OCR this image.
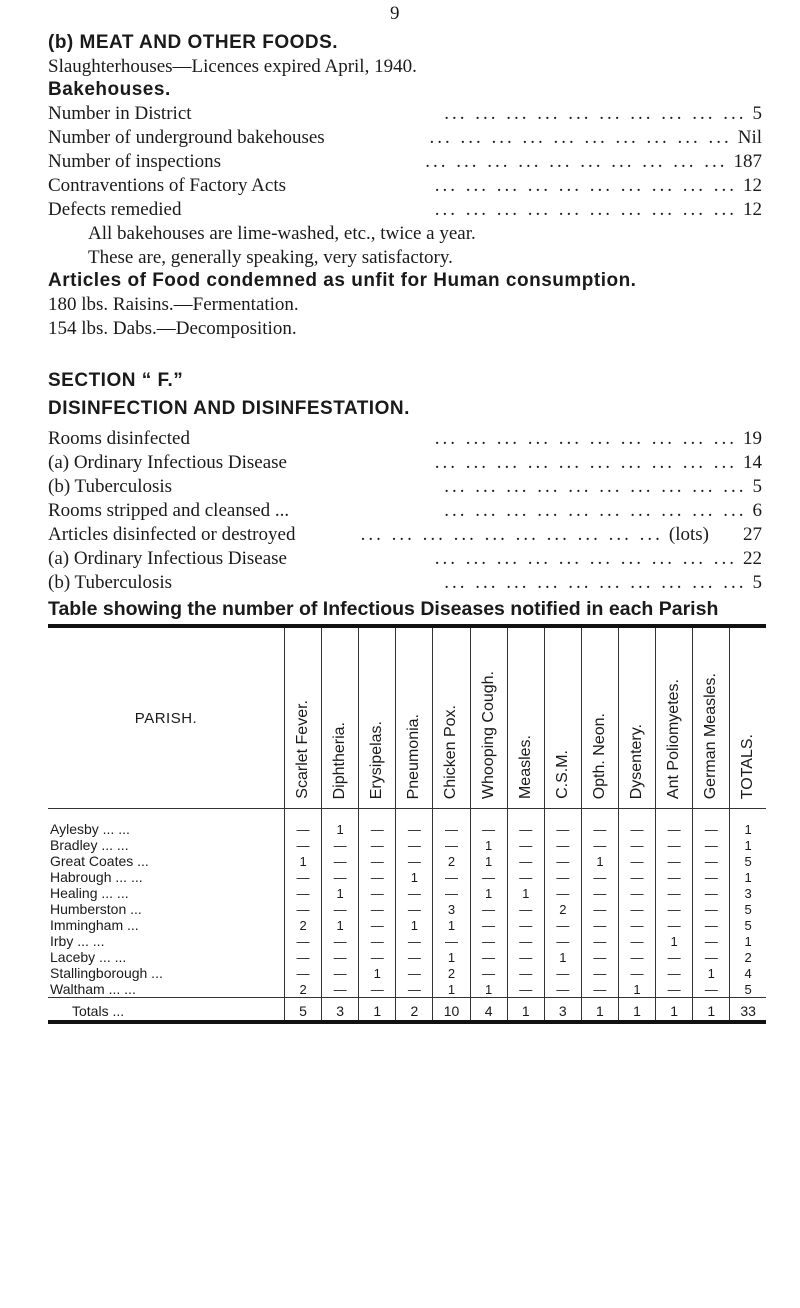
9
(b) MEAT AND OTHER FOODS.
Slaughterhouses—Licences expired April, 1940.
Bakehouses.
Number in District	... ... ... ... ... ... ... ... ... ... 5
Number of underground bakehouses	... ... ... ... ... ... ... ... ... ... Nil
Number of inspections	... ... ... ... ... ... ... ... ... ... 187
Contraventions of Factory Acts	... ... ... ... ... ... ... ... ... ... 12
Defects remedied	... ... ... ... ... ... ... ... ... ... 12
All bakehouses are lime-washed, etc., twice a year.
These are, generally speaking, very satisfactory.
Articles of Food condemned as unfit for Human consumption.
180 lbs. Raisins.—Fermentation.
154 lbs. Dabs.—Decomposition.
SECTION “ F.”
DISINFECTION AND DISINFESTATION.
Rooms disinfected	... ... ... ... ... ... ... ... ... ... 19
(a) Ordinary Infectious Disease	... ... ... ... ... ... ... ... ... ... 14
(b) Tuberculosis	... ... ... ... ... ... ... ... ... ... 5
Rooms stripped and cleansed ...	... ... ... ... ... ... ... ... ... ... 6
Articles disinfected or destroyed	... ... ... ... ... ... ... ... ... ... (lots) 27
(a) Ordinary Infectious Disease	... ... ... ... ... ... ... ... ... ... 22
(b) Tuberculosis	... ... ... ... ... ... ... ... ... ... 5
Table showing the number of Infectious Diseases notified in each Parish
PARISH.	Scarlet Fever.	Diphtheria.	Erysipelas.	Pneumonia.	Chicken Pox.	Whooping Cough.	Measles.	C.S.M.	Opth. Neon.	Dysentery.	Ant Poliomyetes.	German Measles.	TOTALS.
Aylesby ... ...	—	1	—	—	—	—	—	—	—	—	—	—	1
Bradley ... ...	—	—	—	—	—	1	—	—	—	—	—	—	1
Great Coates ...	1	—	—	—	2	1	—	—	1	—	—	—	5
Habrough ... ...	—	—	—	1	—	—	—	—	—	—	—	—	1
Healing ... ...	—	1	—	—	—	1	1	—	—	—	—	—	3
Humberston ...	—	—	—	—	3	—	—	2	—	—	—	—	5
Immingham ...	2	1	—	1	1	—	—	—	—	—	—	—	5
Irby ... ...	—	—	—	—	—	—	—	—	—	—	1	—	1
Laceby ... ...	—	—	—	—	1	—	—	1	—	—	—	—	2
Stallingborough ...	—	—	1	—	2	—	—	—	—	—	—	1	4
Waltham ... ...	2	—	—	—	1	1	—	—	—	1	—	—	5
Totals ...	5	3	1	2	10	4	1	3	1	1	1	1	33
